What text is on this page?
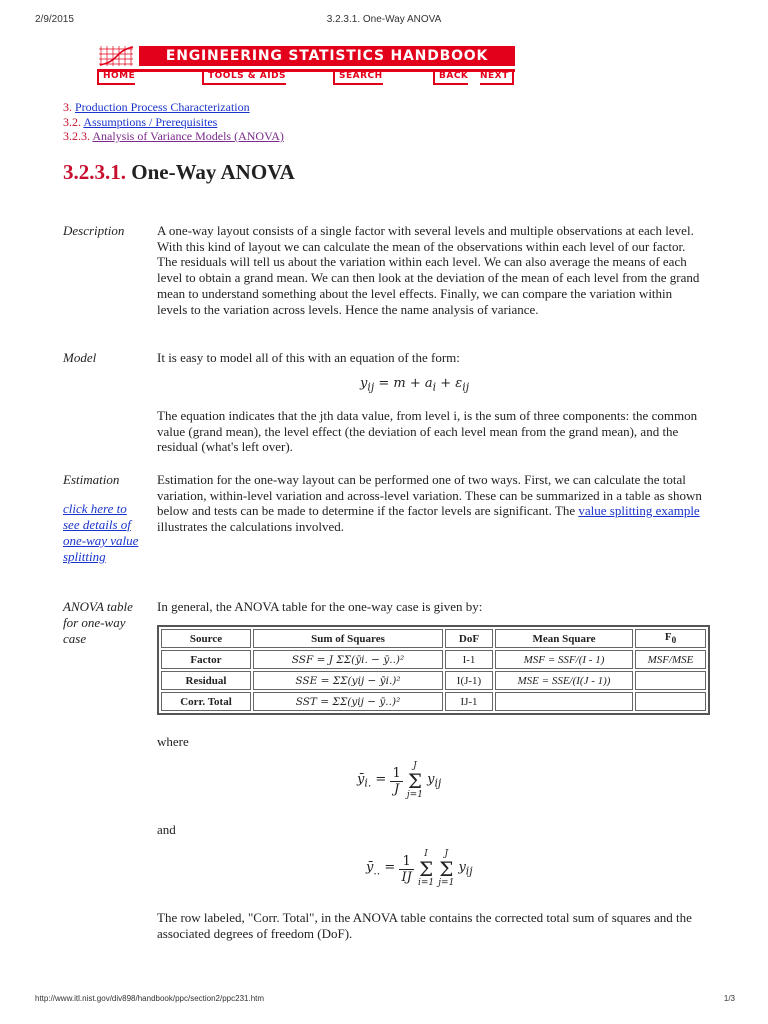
2/9/2015	3.2.3.1. One-Way ANOVA
http://www.itl.nist.gov/div898/handbook/ppc/section2/ppc231.htm	1/3
ENGINEERING STATISTICS HANDBOOK
HOME	TOOLS & AIDS	SEARCH	BACK NEXT
3. Production Process Characterization
3.2. Assumptions / Prerequisites
3.2.3. Analysis of Variance Models (ANOVA)
3.2.3.1. One-Way ANOVA
Description	A one-way layout consists of a single factor with several levels and multiple observations at each level. With this kind of layout we can calculate the mean of the observations within each level of our factor. The residuals will tell us about the variation within each level. We can also average the means of each level to obtain a grand mean. We can then look at the deviation of the mean of each level from the grand mean to understand something about the level effects. Finally, we can compare the variation within levels to the variation across levels. Hence the name analysis of variance.

Model	It is easy to model all of this with an equation of the form:

$y_{ij} = m + a_i + \varepsilon_{ij}$

The equation indicates that the jth data value, from level i, is the sum of three components: the common value (grand mean), the level effect (the deviation of each level mean from the grand mean), and the residual (what's left over).

Estimation
click here to see details of one-way value splitting

Estimation for the one-way layout can be performed one of two ways. First, we can calculate the total variation, within-level variation and across-level variation. These can be summarized in a table as shown below and tests can be made to determine if the factor levels are significant. The value splitting example illustrates the calculations involved.

ANOVA table for one-way case

In general, the ANOVA table for the one-way case is given by:

Source	Sum of Squares	DoF	Mean Square	$F_0$
Factor	SSF = J ΣΣ(ȳi. − ȳ..)²	I-1	MSF = SSF/(I - 1)	MSF/MSE
Residual	SSE = ΣΣ(yij − ȳi.)²	I(J-1)	MSE = SSE/(I(J - 1))	
Corr. Total	SST = ΣΣ(yij − ȳ..)²	IJ-1		

where

$ȳ_{i.} = \frac{1}{J}$ J
Σ
j=1 $y_{ij}$

and

$ȳ_{..} = \frac{1}{IJ}$ I
Σ
i=1 J
Σ
j=1 $y_{ij}$

The row labeled, "Corr. Total", in the ANOVA table contains the corrected total sum of squares and the associated degrees of freedom (DoF).
